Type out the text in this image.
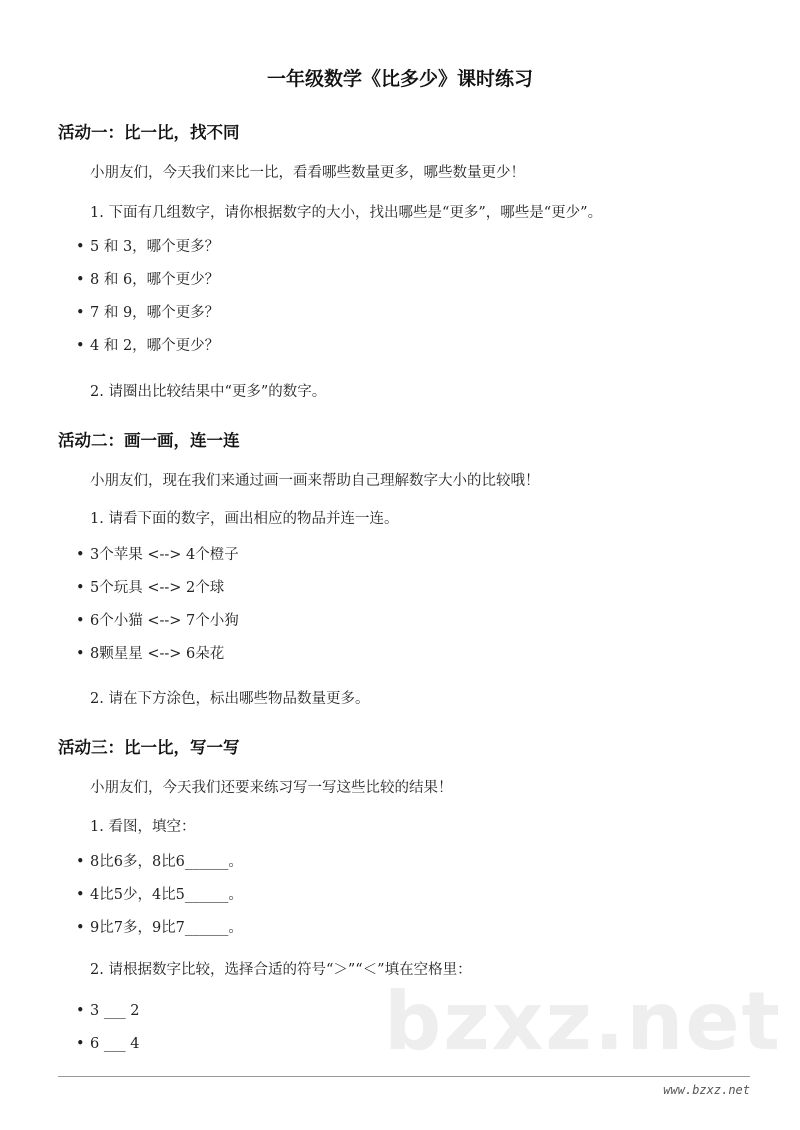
bzxz.net
一年级数学《比多少》课时练习
活动一：比一比，找不同
小朋友们，今天我们来比一比，看看哪些数量更多，哪些数量更少！
1. 下面有几组数字，请你根据数字的大小，找出哪些是“更多”，哪些是“更少”。
• 5 和 3，哪个更多？
• 8 和 6，哪个更少？
• 7 和 9，哪个更多？
• 4 和 2，哪个更少？
2. 请圈出比较结果中“更多”的数字。
活动二：画一画，连一连
小朋友们，现在我们来通过画一画来帮助自己理解数字大小的比较哦！
1. 请看下面的数字，画出相应的物品并连一连。
• 3个苹果 <--> 4个橙子
• 5个玩具 <--> 2个球
• 6个小猫 <--> 7个小狗
• 8颗星星 <--> 6朵花
2. 请在下方涂色，标出哪些物品数量更多。
活动三：比一比，写一写
小朋友们，今天我们还要来练习写一写这些比较的结果！
1. 看图，填空：
• 8比6多，8比6______。
• 4比5少，4比5______。
• 9比7多，9比7______。
2. 请根据数字比较，选择合适的符号“＞”“＜”填在空格里：
• 3 ___ 2
• 6 ___ 4
www.bzxz.net
